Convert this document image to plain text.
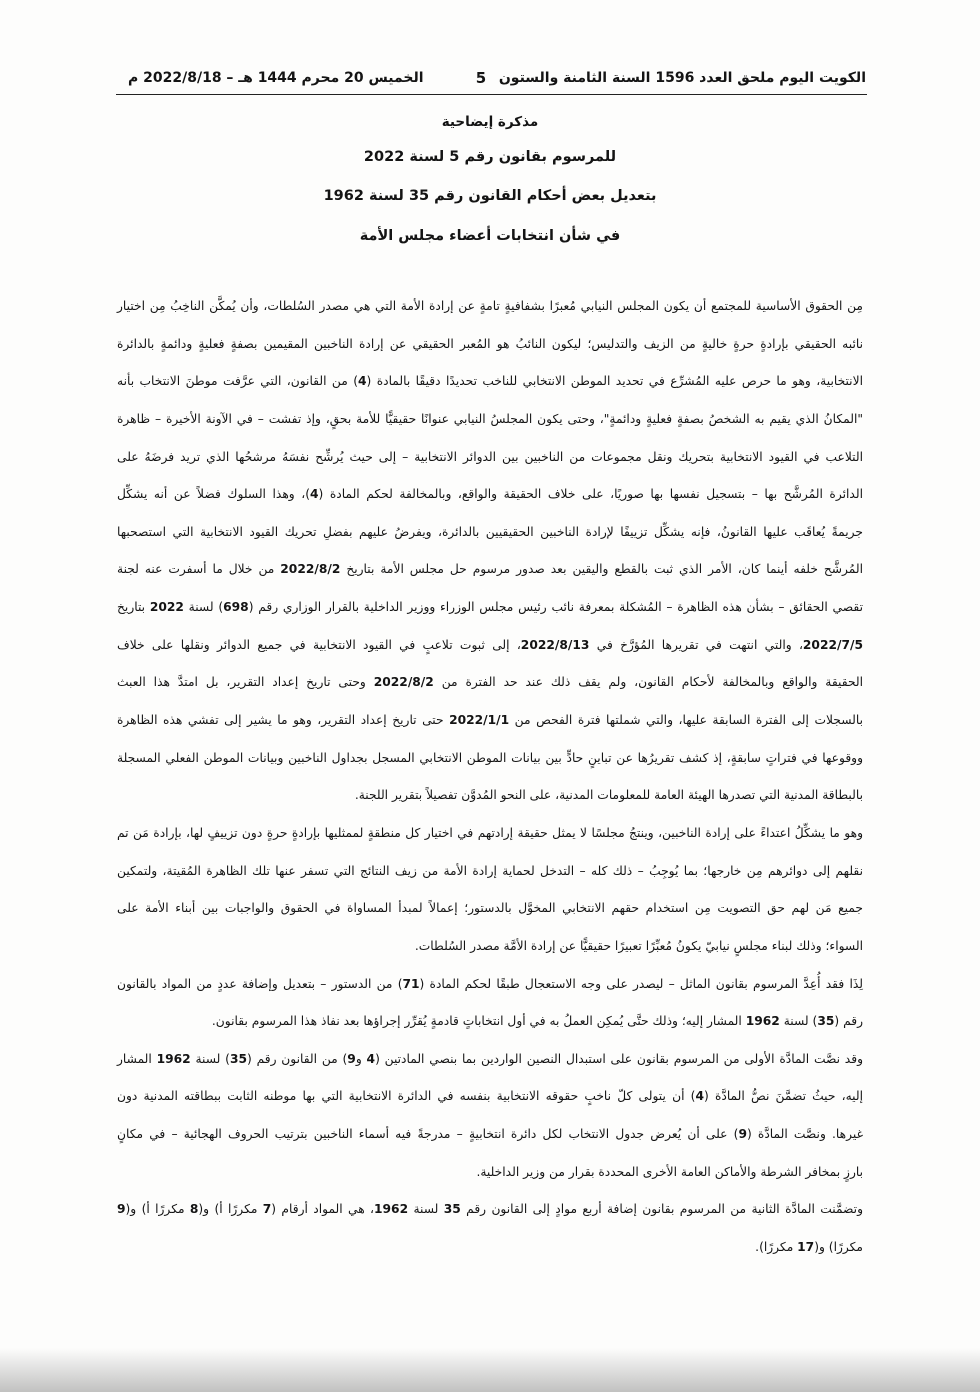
الكويت اليوم ملحق العدد 1596 السنة الثامنة والستون
5
الخميس 20 محرم 1444 هـ – 2022/8/18 م
مذكرة إيضاحية
للمرسوم بقانون رقم 5 لسنة 2022
بتعديل بعض أحكام القانون رقم 35 لسنة 1962
في شأن انتخابات أعضاء مجلس الأمة
مِن الحقوق الأساسية للمجتمع أن يكون المجلس النيابي مُعبرًا بشفافيةٍ تامةٍ عن إرادة الأمة التي هي مصدر السُلطات، وأن يُمكَّن الناخِبُ مِن اختيار
نائبه الحقيقي بإرادةٍ حرةٍ خاليةٍ من الزيف والتدليس؛ ليكون النائبُ هو المُعبر الحقيقي عن إرادة الناخبين المقيمين بصفةٍ فعليةٍ ودائمةٍ بالدائرة
الانتخابية، وهو ما حرص عليه المُشرِّع في تحديد الموطن الانتخابي للناخب تحديدًا دقيقًا بالمادة (4) من القانون، التي عرَّفت موطنَ الانتخاب بأنه
"المكانُ الذي يقيم به الشخصُ بصفةٍ فعليةٍ ودائمةٍ"، وحتى يكون المجلسُ النيابي عنوانًا حقيقيًّا للأمة بحقٍ، وإذ تفشت – في الآونة الأخيرة – ظاهرة
التلاعب في القيود الانتخابية بتحريك ونقل مجموعات من الناخبين بين الدوائر الانتخابية – إلى حيث يُرشِّح نفسَهُ مرشحُها الذي تريد فرضَهُ على
الدائرة المُرشَّح بها – بتسجيل نفسها بها صوريًا، على خلاف الحقيقة والواقع، وبالمخالفة لحكم المادة (4)، وهذا السلوك فضلاً عن أنه يشكِّل
جريمةً يُعاقَب عليها القانونُ، فإنه يشكِّل تزييفًا لإرادة الناخبين الحقيقيين بالدائرة، ويفرضُ عليهم بفضلِ تحريك القيود الانتخابية التي استصحبها
المُرشَّح خلفه أينما كان، الأمر الذي ثبت بالقطع واليقين بعد صدور مرسوم حل مجلس الأمة بتاريخ 2022/8/2 من خلال ما أسفرت عنه لجنة
تقصي الحقائق – بشأن هذه الظاهرة – المُشكلة بمعرفة نائب رئيس مجلس الوزراء ووزير الداخلية بالقرار الوزاري رقم (698) لسنة 2022 بتاريخ
2022/7/5، والتي انتهت في تقريرها المُؤرَّخ في 2022/8/13، إلى ثبوت تلاعبٍ في القيود الانتخابية في جميع الدوائر ونقلها على خلاف
الحقيقة والواقع وبالمخالفة لأحكام القانون، ولم يقف ذلك عند حد الفترة من 2022/8/2 وحتى تاريخ إعداد التقرير، بل امتدَّ هذا العبث
بالسجلات إلى الفترة السابقة عليها، والتي شملتها فترة الفحص من 2022/1/1 حتى تاريخ إعداد التقرير، وهو ما يشير إلى تفشي هذه الظاهرة
ووقوعها في فتراتٍ سابقةٍ، إذ كشف تقريرُها عن تباينٍ حادٍّ بين بيانات الموطن الانتخابي المسجل بجداول الناخبين وبيانات الموطن الفعلي المسجلة
بالبطاقة المدنية التي تصدرها الهيئة العامة للمعلومات المدنية، على النحو المُدوَّن تفصيلاً بتقرير اللجنة.
وهو ما يشكِّلُ اعتداءً على إرادة الناخبين، وينتجُ مجلسًا لا يمثل حقيقة إرادتهم في اختيار كل منطقةٍ لممثليها بإرادةٍ حرةٍ دون تزييفٍ لها، بإرادة مَن تم
نقلهم إلى دوائرهم مِن خارجها؛ بما يُوجِبُ – ذلك كله – التدخل لحماية إرادة الأمة من زيف النتائج التي تسفر عنها تلك الظاهرة المُقيتة، ولتمكين
جميع مَن لهم حق التصويت مِن استخدام حقهم الانتخابي المخوَّل بالدستور؛ إعمالاً لمبدأ المساواة في الحقوق والواجبات بين أبناء الأمة على
السواء؛ وذلك لبناء مجلسٍ نيابيّ يكونُ مُعبِّرًا تعبيرًا حقيقيًّا عن إرادة الأمَّة مصدر السُلطات.
لِذَا فقد أُعِدَّ المرسوم بقانون الماثل – ليصدر على وجه الاستعجال طبقًا لحكم المادة (71) من الدستور – بتعديل وإضافة عددٍ من المواد بالقانون
رقم (35) لسنة 1962 المشار إليه؛ وذلك حتَّى يُمكِن العملُ به في أول انتخاباتٍ قادمةٍ يُقرِّر إجراؤها بعد نفاذ هذا المرسوم بقانون.
وقد نصَّت المادَّة الأولى من المرسوم بقانون على استبدال النصين الواردين بما بنصي المادتين (4 و9) من القانون رقم (35) لسنة 1962 المشار
إليه، حيثُ تضمَّنَ نصُّ المادَّة (4) أن يتولى كلّ ناخبٍ حقوقه الانتخابية بنفسه في الدائرة الانتخابية التي بها موطنه الثابت ببطاقته المدنية دون
غيرها. ونصَّت المادَّة (9) على أن يُعرض جدول الانتخاب لكل دائرة انتخابيةٍ – مدرجةً فيه أسماء الناخبين بترتيب الحروف الهجائية – في مكانٍ
بارزٍ بمخافر الشرطة والأماكن العامة الأخرى المحددة بقرار من وزير الداخلية.
وتضمَّنت المادَّة الثانية من المرسوم بقانون إضافة أربع موادٍ إلى القانون رقم 35 لسنة 1962، هي المواد أرقام (7 مكررًا أ) و(8 مكررًا أ) و(9
مكررًا) و(17 مكررًا).
